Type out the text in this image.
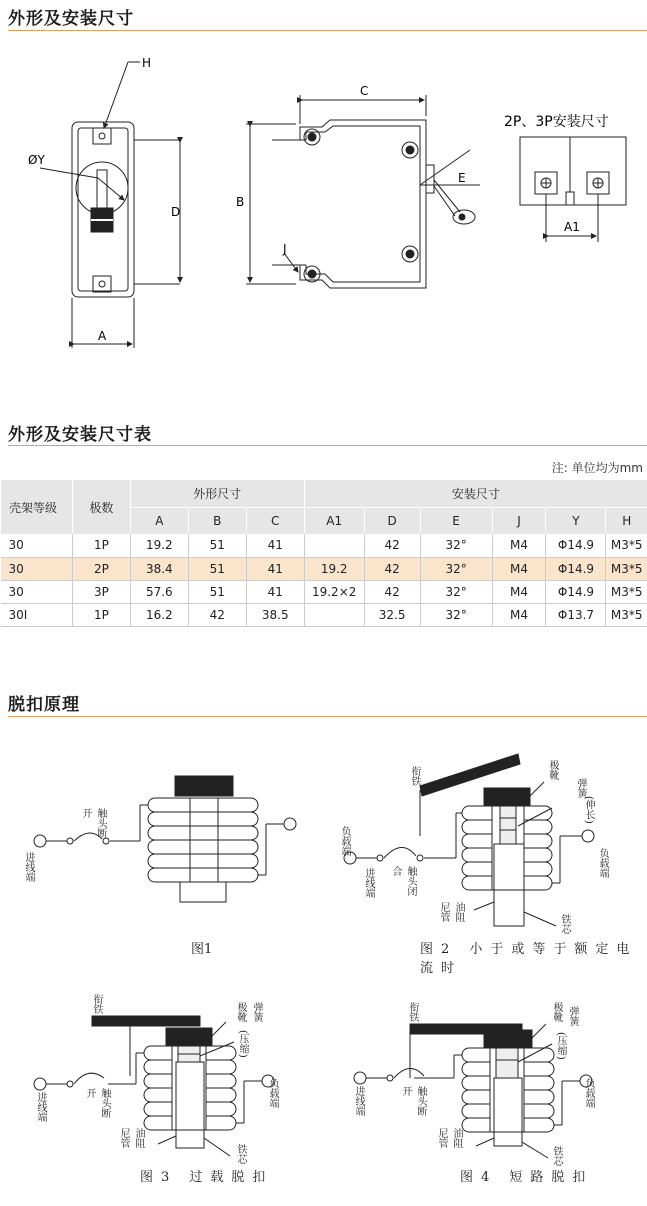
外形及安装尺寸
H
ØY
D
A
C
B
E
J
2P、3P安装尺寸
A1
外形及安装尺寸表
注: 单位均为mm
壳架等级	极数	外形尺寸			安装尺寸					
		A	B	C	A1	D	E	J	Y	H
30	1P	19.2	51	41		42	32°	M4	Φ14.9	M3*5
30	2P	38.4	51	41	19.2	42	32°	M4	Φ14.9	M3*5
30	3P	57.6	51	41	19.2×2	42	32°	M4	Φ14.9	M3*5
30I	1P	16.2	42	38.5		32.5	32°	M4	Φ13.7	M3*5
脱扣原理
进线端
触头断开
图1
衔铁	极靴
弹簧
(伸长)
负载端
进线端	触头闭合	负载端
油阻尼管
铁芯
图2 小于或等于额定电流时
衔铁	极靴 弹簧
(压缩)
进线端	触头断开	负载端
油阻尼管
铁芯
图3 过载脱扣
衔铁	极靴 弹簧
(压缩)
进线端	触头断开	负载端
油阻尼管
铁芯
图4 短路脱扣
